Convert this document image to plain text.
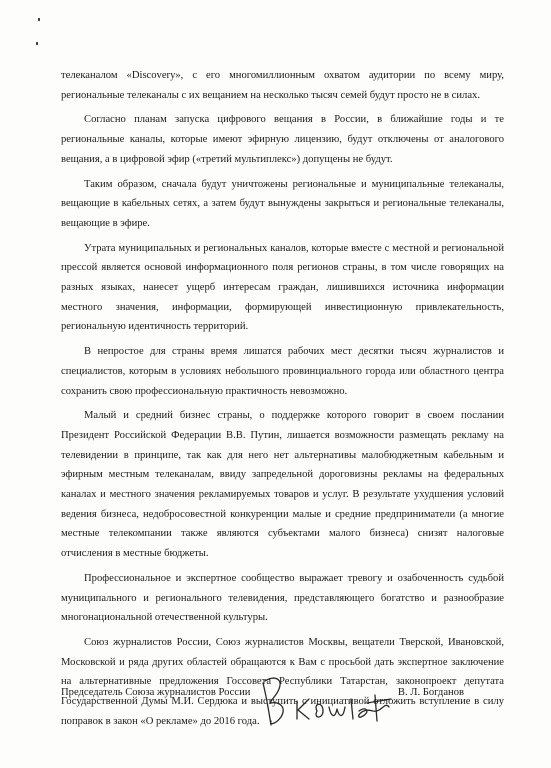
телеканалом «Discovery», с его многомиллионным охватом аудитории по всему миру, региональные телеканалы с их вещанием на несколько тысяч семей будут просто не в силах.

Согласно планам запуска цифрового вещания в России, в ближайшие годы и те региональные каналы, которые имеют эфирную лицензию, будут отключены от аналогового вещания, а в цифровой эфир («третий мультиплекс») допущены не будут.

Таким образом, сначала будут уничтожены региональные и муниципальные телеканалы, вещающие в кабельных сетях, а затем будут вынуждены закрыться и региональные телеканалы, вещающие в эфире.

Утрата муниципальных и региональных каналов, которые вместе с местной и региональной прессой является основой информационного поля регионов страны, в том числе говорящих на разных языках, нанесет ущерб интересам граждан, лишившихся источника информации местного значения, информации, формирующей инвестиционную привлекательность, региональную идентичность территорий.

В непростое для страны время лишатся рабочих мест десятки тысяч журналистов и специалистов, которым в условиях небольшого провинциального города или областного центра сохранить свою профессиональную практичность невозможно.

Малый и средний бизнес страны, о поддержке которого говорит в своем послании Президент Российской Федерации В.В. Путин, лишается возможности размещать рекламу на телевидении в принципе, так как для него нет альтернативы малобюджетным кабельным и эфирным местным телеканалам, ввиду запредельной дороговизны рекламы на федеральных каналах и местного значения рекламируемых товаров и услуг. В результате ухудшения условий ведения бизнеса, недобросовестной конкуренции малые и средние предприниматели (а многие местные телекомпании также являются субъектами малого бизнеса) снизят налоговые отчисления в местные бюджеты.

Профессиональное и экспертное сообщество выражает тревогу и озабоченность судьбой муниципального и регионального телевидения, представляющего богатство и разнообразие многонациональной отечественной культуры.

Союз журналистов России, Союз журналистов Москвы, вещатели Тверской, Ивановской, Московской и ряда других областей обращаются к Вам с просьбой дать экспертное заключение на альтернативные предложения Госсовета Республики Татарстан, законопроект депутата Государственной Думы М.И. Сердюка и выступить с инициативой отложить вступление в силу поправок в закон «О рекламе» до 2016 года.

Председатель Союза журналистов России	В. Л. Богданов
